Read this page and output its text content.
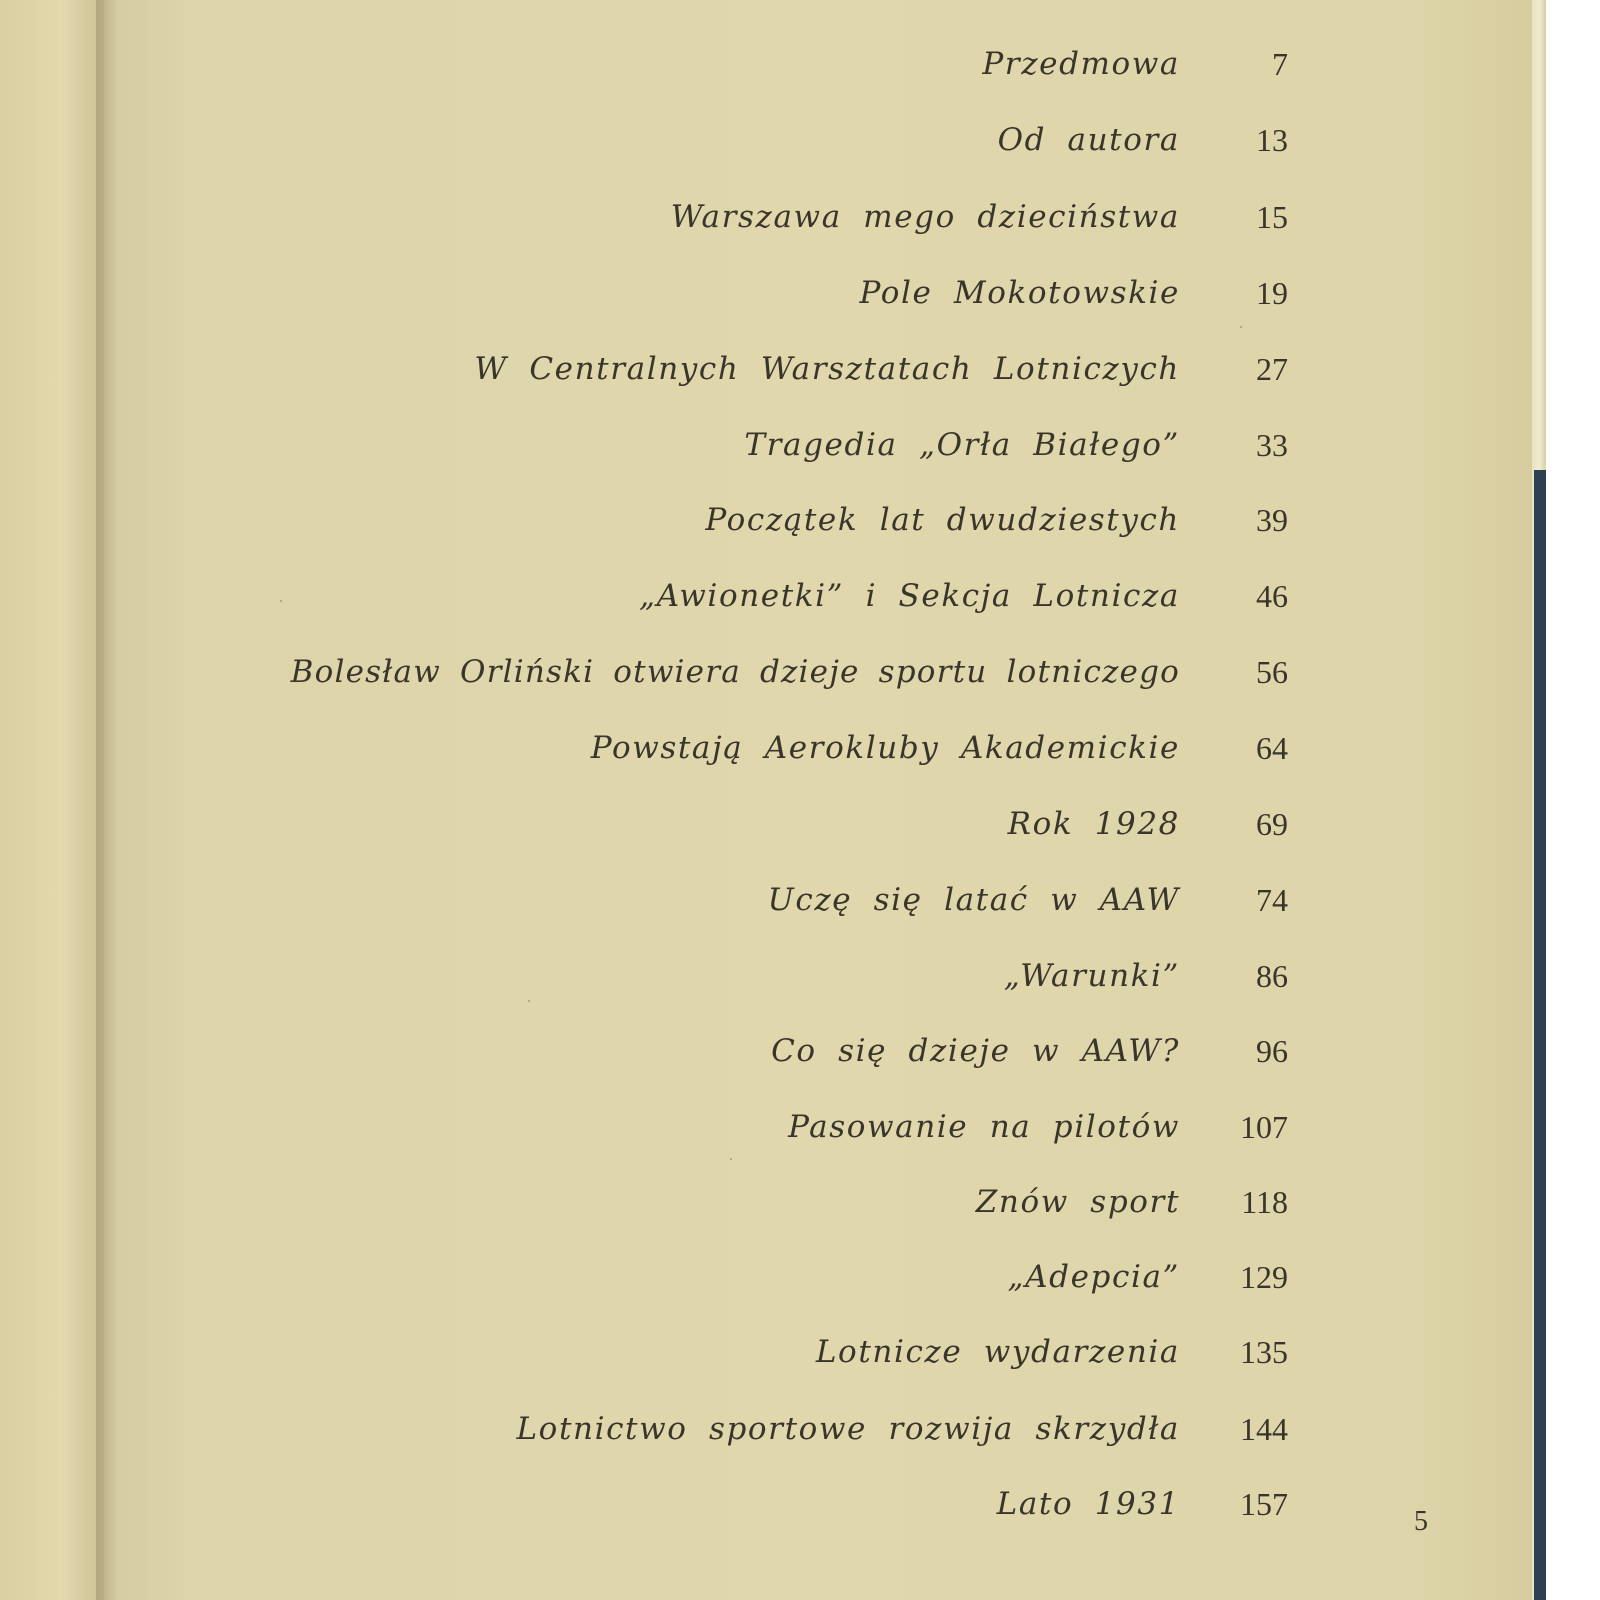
Przedmowa	7
Od autora 13
Warszawa mego dzieciństwa 15
Pole Mokotowskie 19
W Centralnych Warsztatach Lotniczych 27
Tragedia „Orła Białego” 33
Początek lat dwudziestych 39
„Awionetki” i Sekcja Lotnicza 46
Bolesław Orliński otwiera dzieje sportu lotniczego 56
Powstają Aerokluby Akademickie 64
Rok 1928 69
Uczę się latać w AAW 74
„Warunki” 86
Co się dzieje w AAW? 96
Pasowanie na pilotów 107
Znów sport 118
„Adepcia” 129
Lotnicze wydarzenia 135
Lotnictwo sportowe rozwija skrzydła 144
Lato 1931 157	5
